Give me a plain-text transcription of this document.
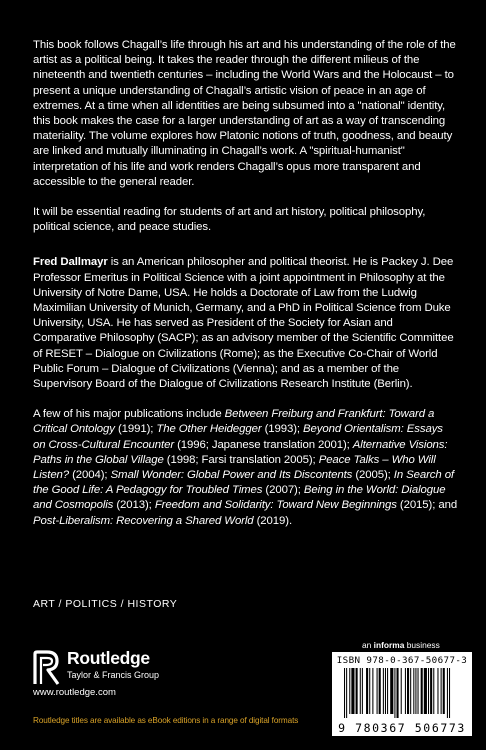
This book follows Chagall’s life through his art and his understanding of the role of the artist as a political being. It takes the reader through the different milieus of the nineteenth and twentieth centuries – including the World Wars and the Holocaust – to present a unique understanding of Chagall’s artistic vision of peace in an age of extremes. At a time when all identities are being subsumed into a "national" identity, this book makes the case for a larger understanding of art as a way of transcending materiality. The volume explores how Platonic notions of truth, goodness, and beauty are linked and mutually illuminating in Chagall’s work. A "spiritual-humanist" interpretation of his life and work renders Chagall’s opus more transparent and accessible to the general reader.

It will be essential reading for students of art and art history, political philosophy, political science, and peace studies.

Fred Dallmayr is an American philosopher and political theorist. He is Packey J. Dee Professor Emeritus in Political Science with a joint appointment in Philosophy at the University of Notre Dame, USA. He holds a Doctorate of Law from the Ludwig Maximilian University of Munich, Germany, and a PhD in Political Science from Duke University, USA. He has served as President of the Society for Asian and Comparative Philosophy (SACP); as an advisory member of the Scientific Committee of RESET – Dialogue on Civilizations (Rome); as the Executive Co-Chair of World Public Forum – Dialogue of Civilizations (Vienna); and as a member of the Supervisory Board of the Dialogue of Civilizations Research Institute (Berlin).

A few of his major publications include Between Freiburg and Frankfurt: Toward a Critical Ontology (1991); The Other Heidegger (1993); Beyond Orientalism: Essays on Cross-Cultural Encounter (1996; Japanese translation 2001); Alternative Visions: Paths in the Global Village (1998; Farsi translation 2005); Peace Talks – Who Will Listen? (2004); Small Wonder: Global Power and Its Discontents (2005); In Search of the Good Life: A Pedagogy for Troubled Times (2007); Being in the World: Dialogue and Cosmopolis (2013); Freedom and Solidarity: Toward New Beginnings (2015); and Post-Liberalism: Recovering a Shared World (2019).

ART / POLITICS / HISTORY
an informa business
Routledge
Taylor & Francis Group
www.routledge.com
Routledge titles are available as eBook editions in a range of digital formats
ISBN 978-0-367-50677-3
9 780367 506773
